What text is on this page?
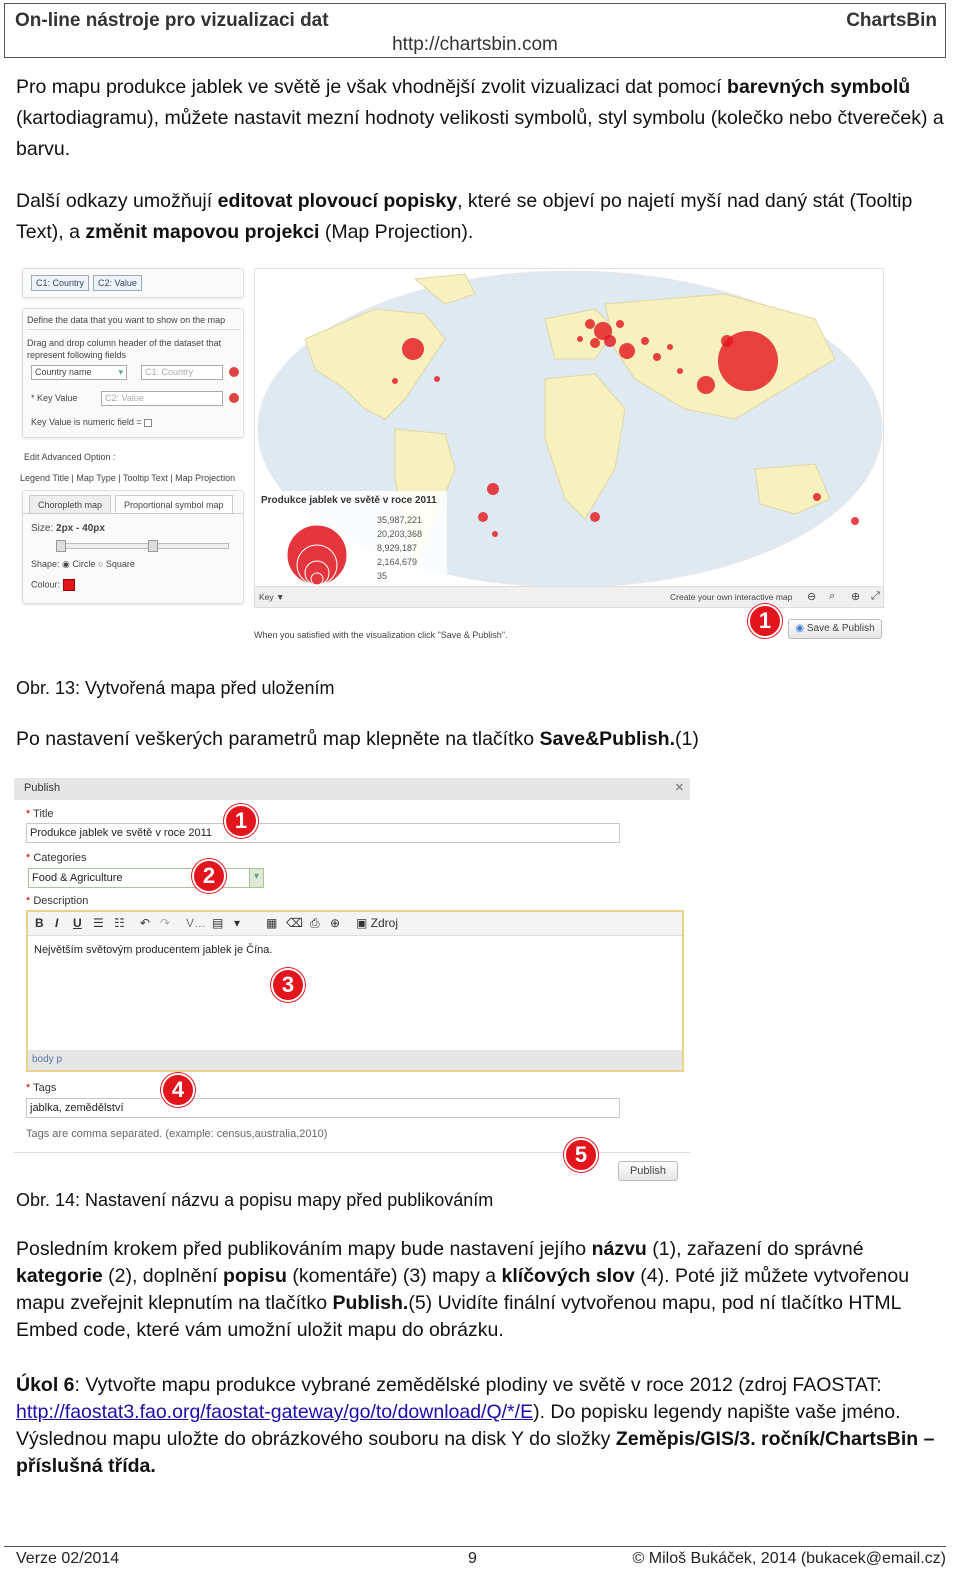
On-line nástroje pro vizualizaci dat	ChartsBin
http://chartsbin.com
Pro mapu produkce jablek ve světě je však vhodnější zvolit vizualizaci dat pomocí barevných symbolů (kartodiagramu), můžete nastavit mezní hodnoty velikosti symbolů, styl symbolu (kolečko nebo čtvereček) a barvu.
Další odkazy umožňují editovat plovoucí popisky, které se objeví po najetí myší nad daný stát (Tooltip Text), a změnit mapovou projekci (Map Projection).
C1: Country C2: Value
Define the data that you want to show on the map
Drag and drop column header of the dataset that represent following fields
Country name	▾	C1: Country
* Key Value	C2: Value
Key Value is numeric field =
Edit Advanced Option :
Legend Title | Map Type | Tooltip Text | Map Projection
Choropleth map	Proportional symbol map
Size: 2px - 40px
Shape: ◉ Circle ○ Square
Colour:
Produkce jablek ve světě v roce 2011
35,987,221
20,203,368
8,929,187
2,164,679
35
Key ▼	Create your own interactive map ⊖ ⌕ ⊕ ⤢
When you satisfied with the visualization click "Save & Publish".
1	◉ Save & Publish
Obr. 13: Vytvořená mapa před uložením
Po nastavení veškerých parametrů map klepněte na tlačítko Save&Publish.(1)
Publish	✕
* Title
Produkce jablek ve světě v roce 2011
* Categories
Food & Agriculture	▾
* Description
B I U ☰ ☷ ↶ ↷ V… ▤ ▾ ▦ ⌫ ⎙ ⊕ ▣ Zdroj
Největším světovým producentem jablek je Čína.
body p
* Tags
jablka, zemědělství
Tags are comma separated. (example: census,australia,2010)
Publish
1
2
3
4
5
Obr. 14: Nastavení názvu a popisu mapy před publikováním
Posledním krokem před publikováním mapy bude nastavení jejího názvu (1), zařazení do správné kategorie (2), doplnění popisu (komentáře) (3) mapy a klíčových slov (4). Poté již můžete vytvořenou mapu zveřejnit klepnutím na tlačítko Publish.(5) Uvidíte finální vytvořenou mapu, pod ní tlačítko HTML Embed code, které vám umožní uložit mapu do obrázku.
Úkol 6: Vytvořte mapu produkce vybrané zemědělské plodiny ve světě v roce 2012 (zdroj FAOSTAT: http://faostat3.fao.org/faostat-gateway/go/to/download/Q/*/E). Do popisku legendy napište vaše jméno. Výslednou mapu uložte do obrázkového souboru na disk Y do složky Zeměpis/GIS/3. ročník/ChartsBin – příslušná třída.
Verze 02/2014	9	© Miloš Bukáček, 2014 (bukacek@email.cz)
